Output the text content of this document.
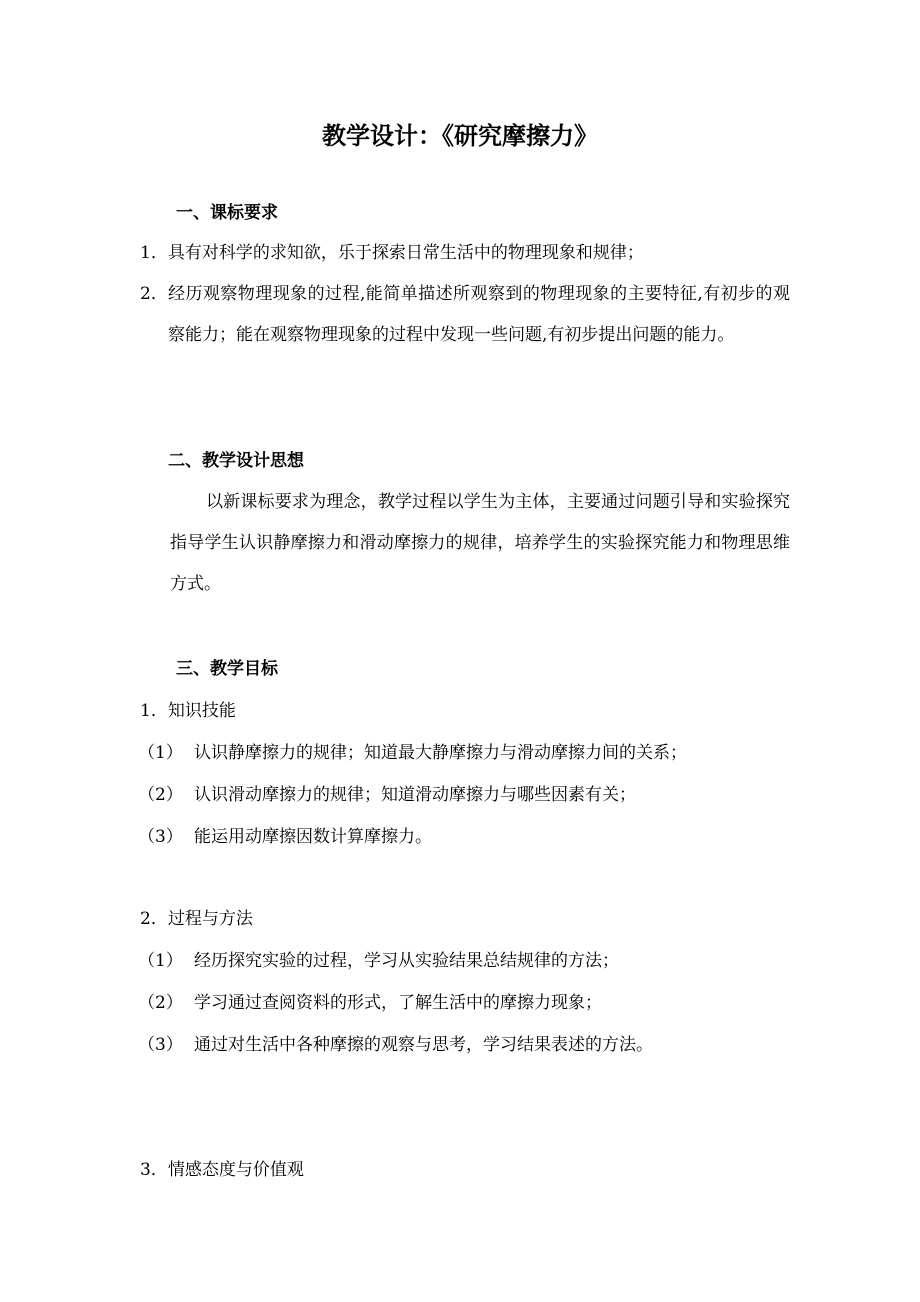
教学设计：《研究摩擦力》
一、课标要求
1．具有对科学的求知欲，乐于探索日常生活中的物理现象和规律；
2． 经历观察物理现象的过程,能简单描述所观察到的物理现象的主要特征,有初步的观察能力；能在观察物理现象的过程中发现一些问题,有初步提出问题的能力。
二、教学设计思想
以新课标要求为理念，教学过程以学生为主体，主要通过问题引导和实验探究指导学生认识静摩擦力和滑动摩擦力的规律，培养学生的实验探究能力和物理思维方式。
三、教学目标
1．知识技能
（1） 认识静摩擦力的规律；知道最大静摩擦力与滑动摩擦力间的关系；
（2） 认识滑动摩擦力的规律；知道滑动摩擦力与哪些因素有关；
（3） 能运用动摩擦因数计算摩擦力。
2．过程与方法
（1） 经历探究实验的过程，学习从实验结果总结规律的方法；
（2） 学习通过查阅资料的形式，了解生活中的摩擦力现象；
（3） 通过对生活中各种摩擦的观察与思考，学习结果表述的方法。
3．情感态度与价值观
